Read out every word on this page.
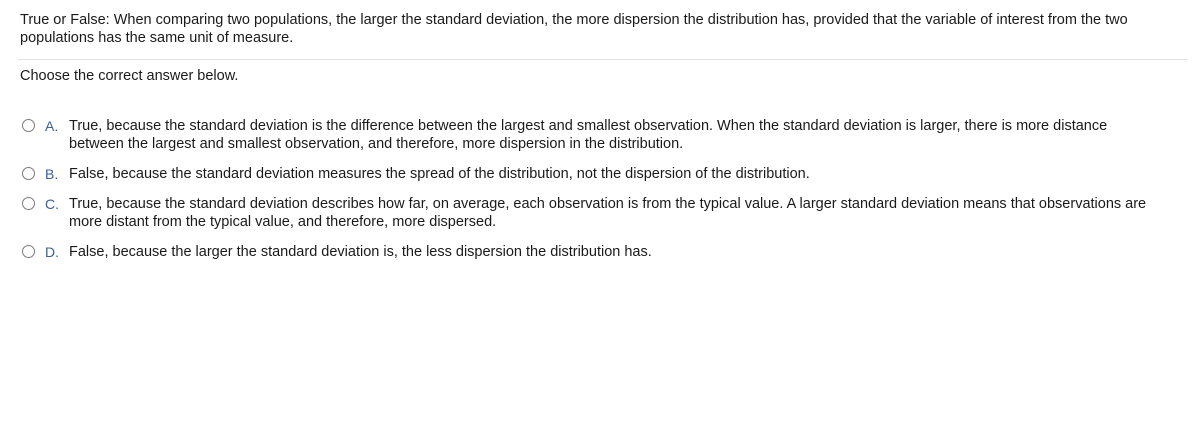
True or False: When comparing two populations, the larger the standard deviation, the more dispersion the distribution has, provided that the variable of interest from the two populations has the same unit of measure.
Choose the correct answer below.
A. True, because the standard deviation is the difference between the largest and smallest observation. When the standard deviation is larger, there is more distance between the largest and smallest observation, and therefore, more dispersion in the distribution.
B. False, because the standard deviation measures the spread of the distribution, not the dispersion of the distribution.
C. True, because the standard deviation describes how far, on average, each observation is from the typical value. A larger standard deviation means that observations are more distant from the typical value, and therefore, more dispersed.
D. False, because the larger the standard deviation is, the less dispersion the distribution has.
